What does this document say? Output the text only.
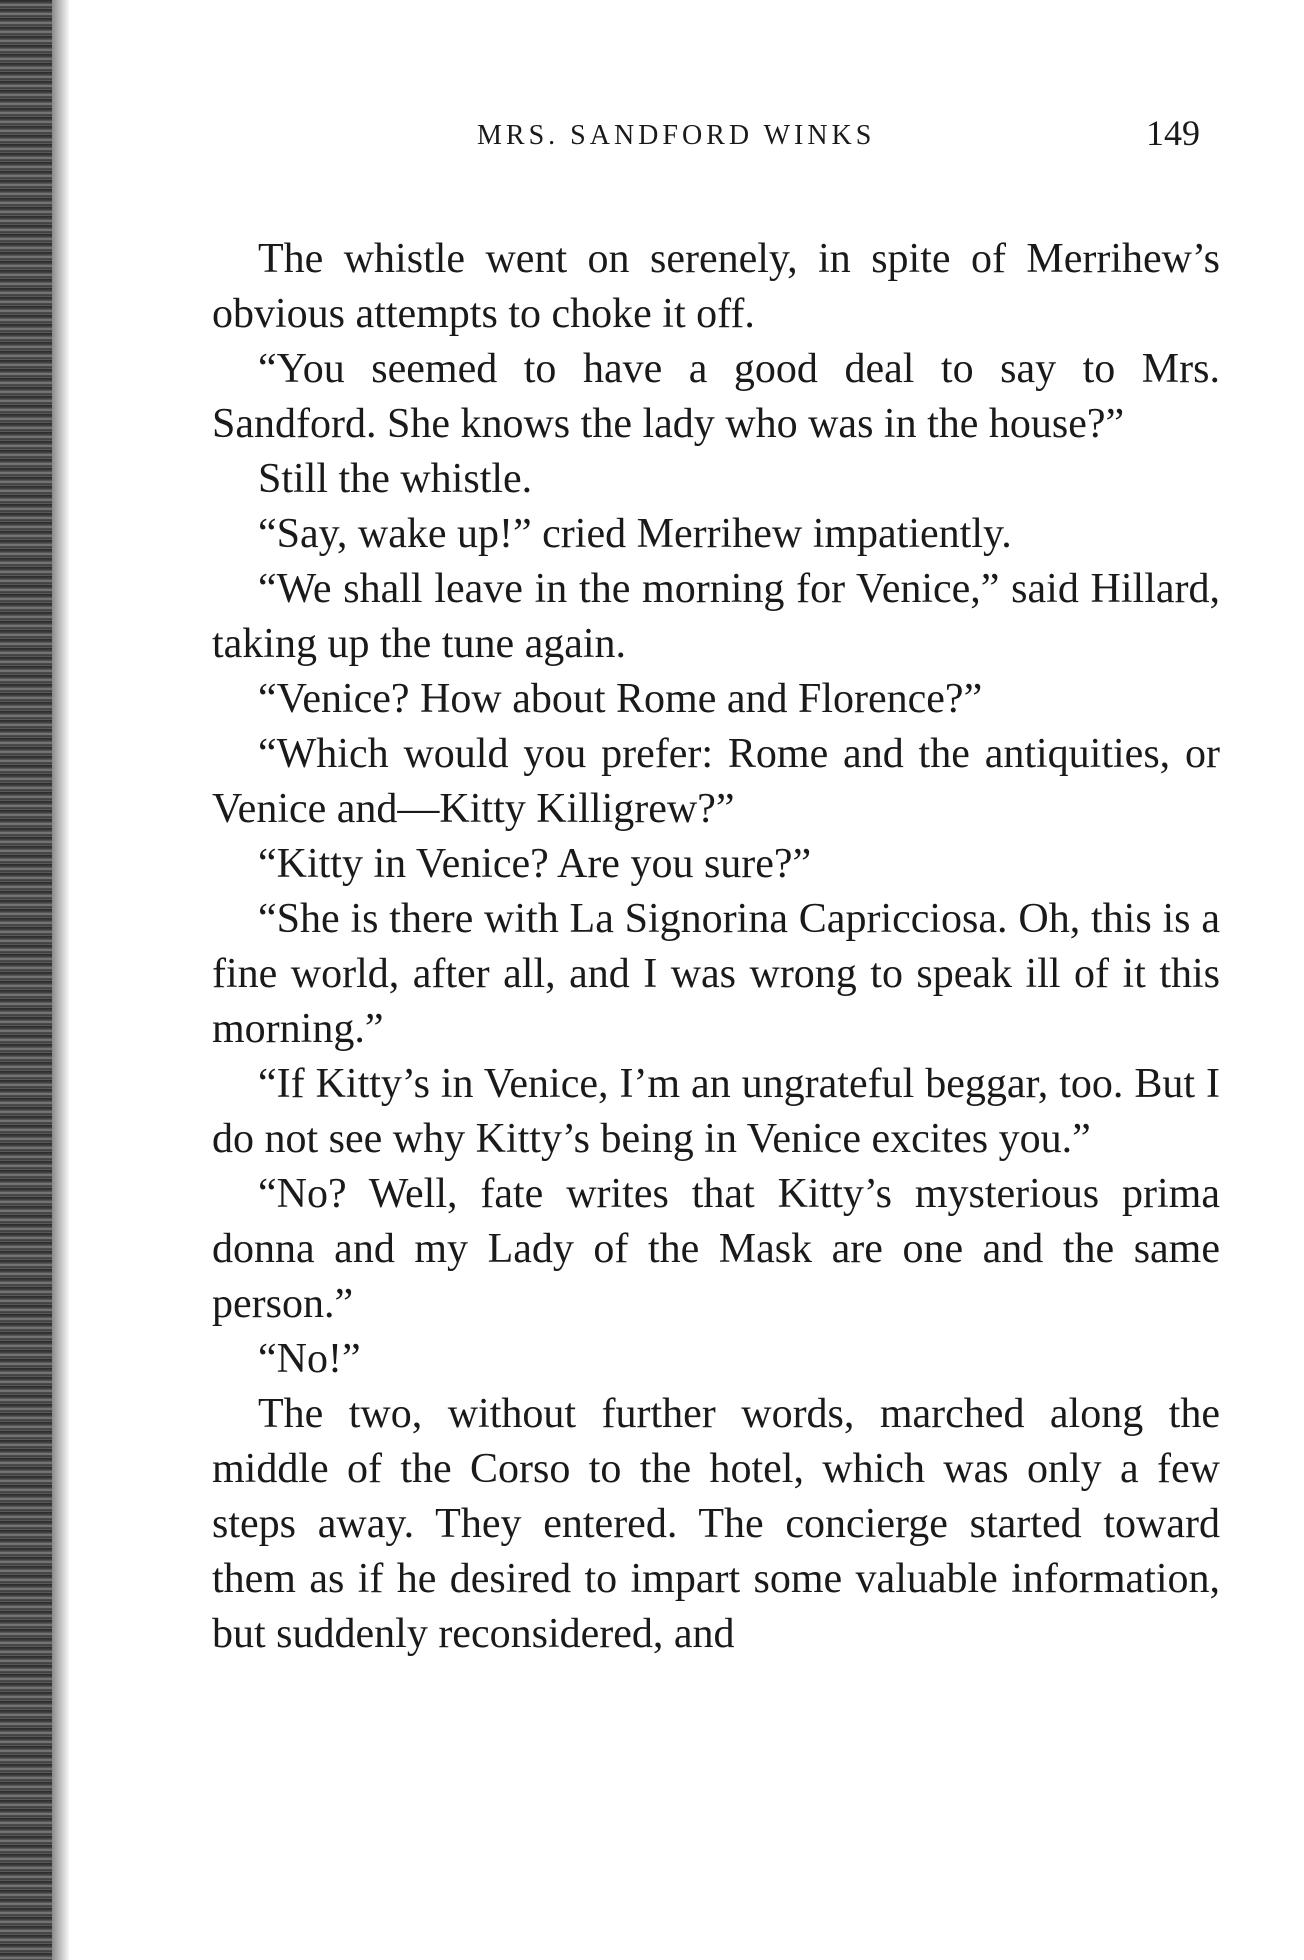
MRS. SANDFORD WINKS	149

The whistle went on serenely, in spite of Merrihew’s obvious attempts to choke it off.

“You seemed to have a good deal to say to Mrs. Sandford. She knows the lady who was in the house?”

Still the whistle.

“Say, wake up!” cried Merrihew impatiently.

“We shall leave in the morning for Venice,” said Hillard, taking up the tune again.

“Venice? How about Rome and Florence?”

“Which would you prefer: Rome and the antiquities, or Venice and—Kitty Killigrew?”

“Kitty in Venice? Are you sure?”

“She is there with La Signorina Capricciosa. Oh, this is a fine world, after all, and I was wrong to speak ill of it this morning.”

“If Kitty’s in Venice, I’m an ungrateful beggar, too. But I do not see why Kitty’s being in Venice excites you.”

“No? Well, fate writes that Kitty’s mysterious prima donna and my Lady of the Mask are one and the same person.”

“No!”

The two, without further words, marched along the middle of the Corso to the hotel, which was only a few steps away. They entered. The concierge started toward them as if he desired to impart some valuable information, but suddenly reconsidered, and
